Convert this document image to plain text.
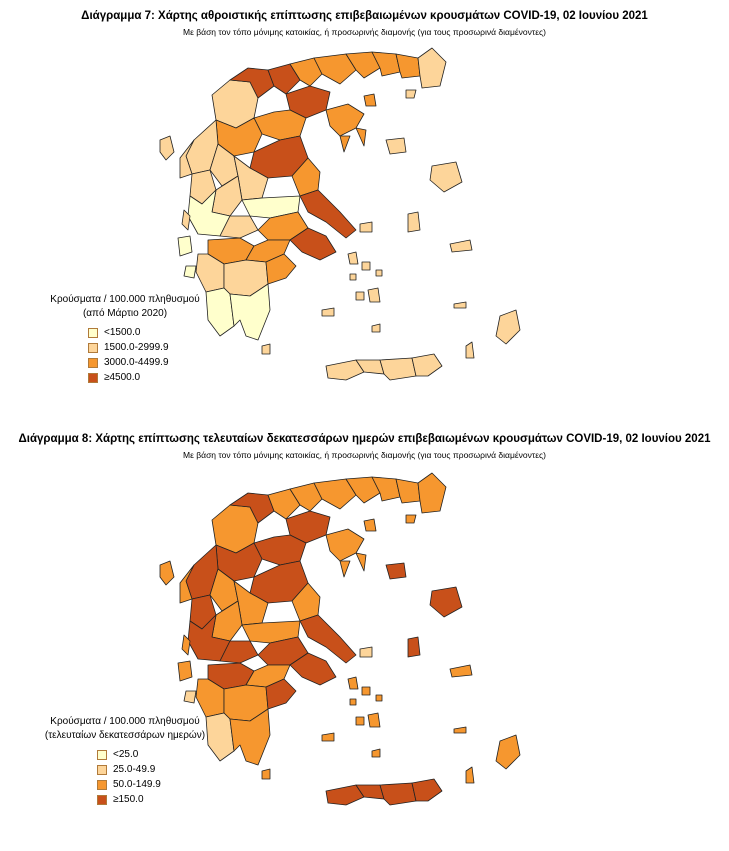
Διάγραμμα 7: Χάρτης αθροιστικής επίπτωσης επιβεβαιωμένων κρουσμάτων COVID-19, 02 Ιουνίου 2021
Με βάση τον τόπο μόνιμης κατοικίας, ή προσωρινής διαμονής (για τους προσωρινά διαμένοντες)
Κρούσματα / 100.000 πληθυσμού
(από Μάρτιο 2020)
<1500.0
1500.0-2999.9
3000.0-4499.9
≥4500.0
Διάγραμμα 8: Χάρτης επίπτωσης τελευταίων δεκατεσσάρων ημερών επιβεβαιωμένων κρουσμάτων COVID-19, 02 Ιουνίου 2021
Με βάση τον τόπο μόνιμης κατοικίας, ή προσωρινής διαμονής (για τους προσωρινά διαμένοντες)
Κρούσματα / 100.000 πληθυσμού
(τελευταίων δεκατεσσάρων ημερών)
<25.0
25.0-49.9
50.0-149.9
≥150.0
